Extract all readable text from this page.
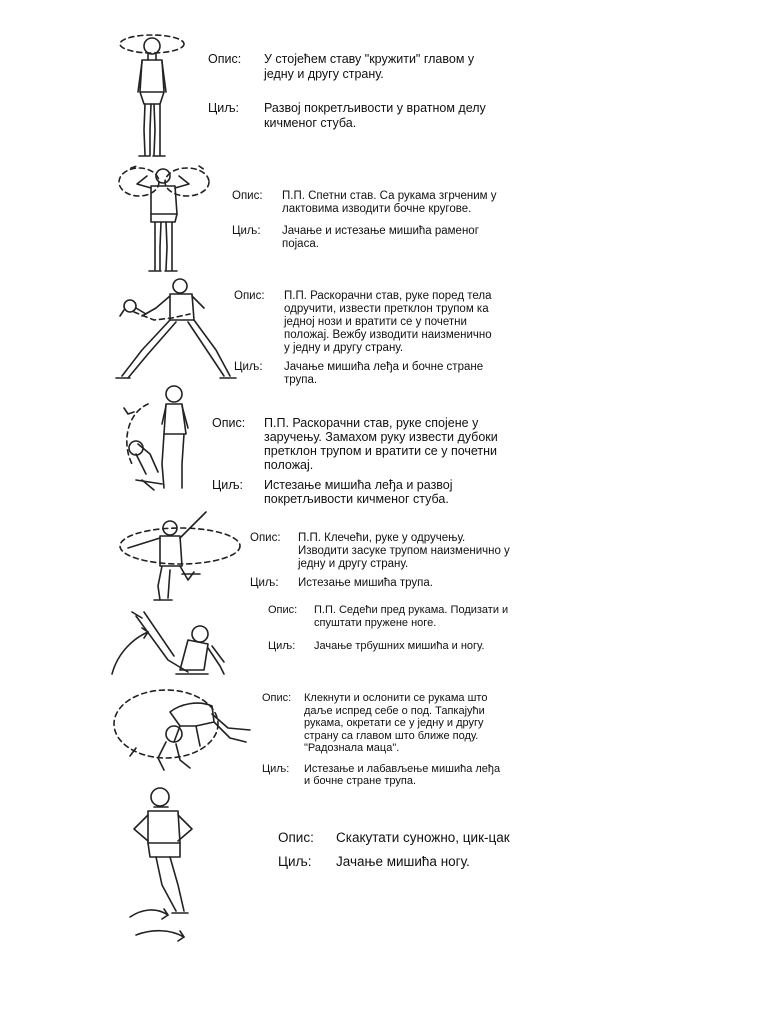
Опис:	У стојећем ставу "кружити" главом у
једну и другу страну.
Циљ:	Развој покретљивости у вратном делу
кичменог стуба.
Опис:	П.П. Спетни став. Са рукама згрченим у
лактовима изводити бочне кругове.
Циљ:	Јачање и истезање мишића раменог
појаса.
Опис:	П.П. Раскорачни став, руке поред тела
одручити, извести претклон трупом ка
једној нози и вратити се у почетни
положај. Вежбу изводити наизменично
у једну и другу страну.
Циљ:	Јачање мишића леђа и бочне стране
трупа.
Опис:	П.П. Раскорачни став, руке спојене у
заручењу. Замахом руку извести дубоки
претклон трупом и вратити се у почетни
положај.
Циљ:	Истезање мишића леђа и развој
покретљивости кичменог стуба.
Опис:	П.П. Клечећи, руке у одручењу.
Изводити засуке трупом наизменично у
једну и другу страну.
Циљ:	Истезање мишића трупа.
Опис:	П.П. Седећи пред рукама. Подизати и
спуштати пружене ноге.
Циљ:	Јачање трбушних мишића и ногу.
Опис:	Клекнути и ослонити се рукама што
даље испред себе о под. Тапкајући
рукама, окретати се у једну и другу
страну са главом што ближе поду.
"Радознала маца".
Циљ:	Истезање и лабављење мишића леђа
и бочне стране трупа.
Опис:	Скакутати суножно, цик-цак
Циљ:	Јачање мишића ногу.
